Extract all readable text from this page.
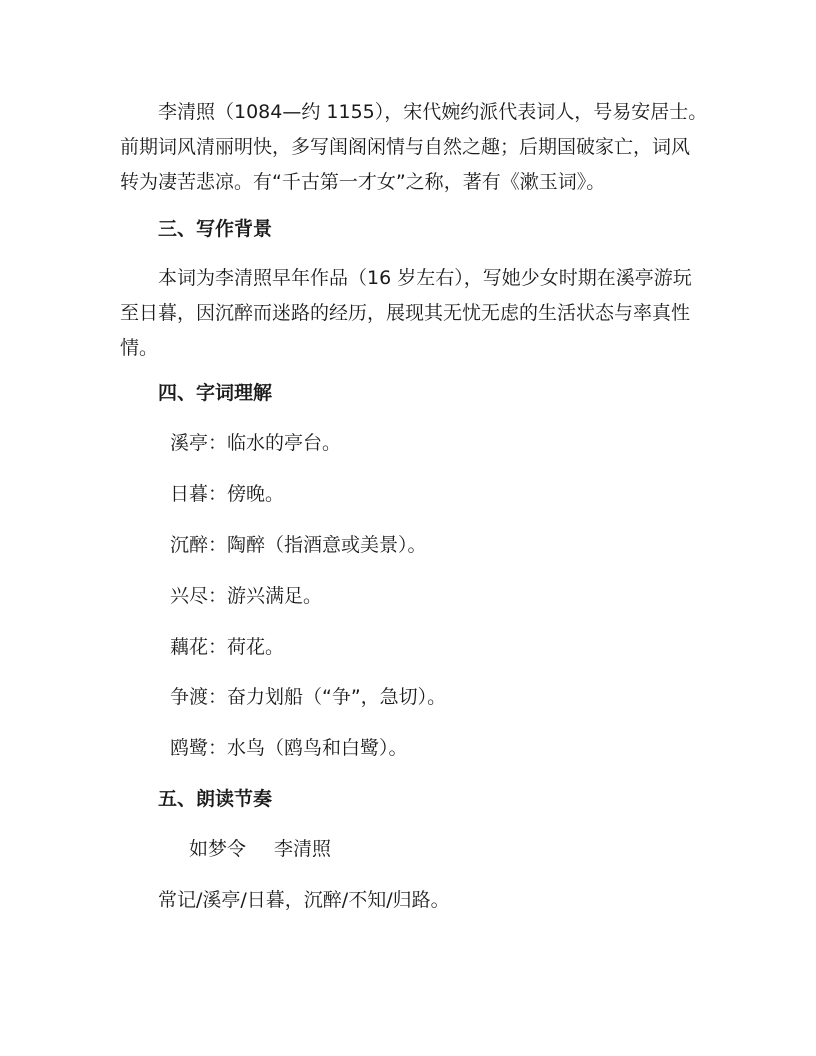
李清照（1084—约 1155），宋代婉约派代表词人，号易安居士。
前期词风清丽明快，多写闺阁闲情与自然之趣；后期国破家亡，词风
转为凄苦悲凉。有“千古第一才女”之称，著有《漱玉词》。
三、写作背景
本词为李清照早年作品（16 岁左右），写她少女时期在溪亭游玩
至日暮，因沉醉而迷路的经历，展现其无忧无虑的生活状态与率真性
情。
四、字词理解
溪亭：临水的亭台。
日暮：傍晚。
沉醉：陶醉（指酒意或美景）。
兴尽：游兴满足。
藕花：荷花。
争渡：奋力划船（“争”，急切）。
鸥鹭：水鸟（鸥鸟和白鹭）。
五、朗读节奏
如梦令 李清照
常记/溪亭/日暮，沉醉/不知/归路。
